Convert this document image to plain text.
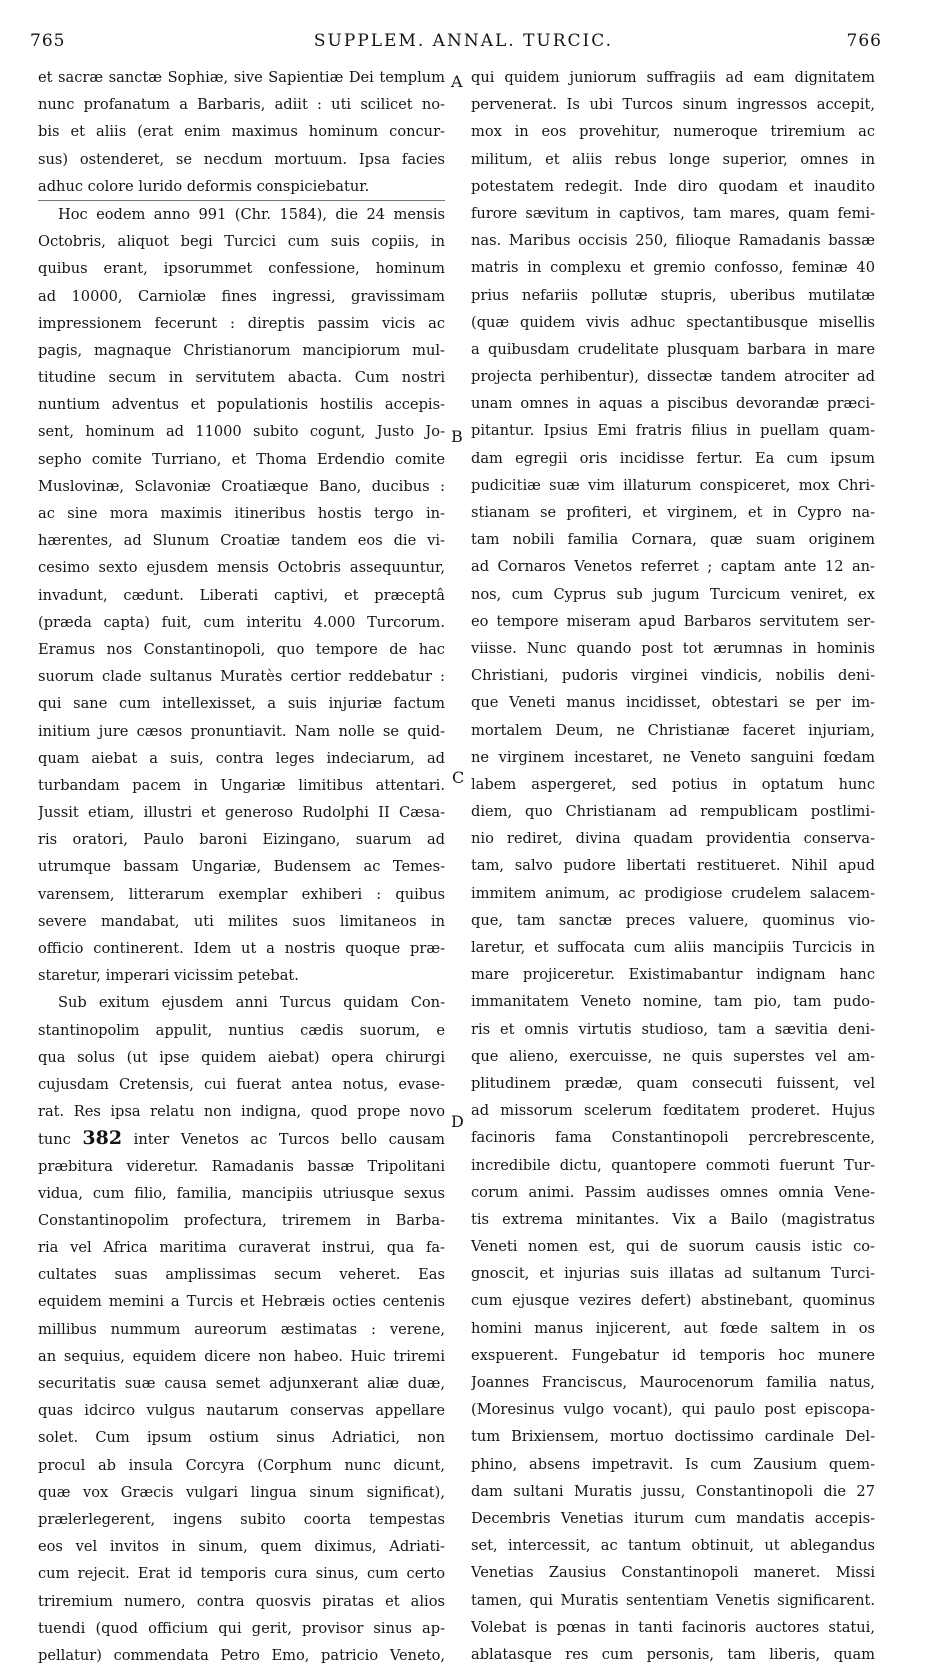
765	SUPPLEM. ANNAL. TURCIC.	766
et sacræ sanctæ Sophiæ, sive Sapientiæ Dei templum
nunc profanatum a Barbaris, adiit : uti scilicet no-
bis et aliis (erat enim maximus hominum concur-
sus) ostenderet, se necdum mortuum. Ipsa facies
adhuc colore lurido deformis conspiciebatur.
Hoc eodem anno 991 (Chr. 1584), die 24 mensis
Octobris, aliquot begi Turcici cum suis copiis, in
quibus erant, ipsorummet confessione, hominum
ad 10000, Carniolæ fines ingressi, gravissimam
impressionem fecerunt : direptis passim vicis ac
pagis, magnaque Christianorum mancipiorum mul-
titudine secum in servitutem abacta. Cum nostri
nuntium adventus et populationis hostilis accepis-
sent, hominum ad 11000 subito cogunt, Justo Jo-
sepho comite Turriano, et Thoma Erdendio comite
Muslovinæ, Sclavoniæ Croatiæque Bano, ducibus :
ac sine mora maximis itineribus hostis tergo in-
hærentes, ad Slunum Croatiæ tandem eos die vi-
cesimo sexto ejusdem mensis Octobris assequuntur,
invadunt, cædunt. Liberati captivi, et præceptâ
(præda capta) fuit, cum interitu 4.000 Turcorum.
Eramus nos Constantinopoli, quo tempore de hac
suorum clade sultanus Muratès certior reddebatur :
qui sane cum intellexisset, a suis injuriæ factum
initium jure cæsos pronuntiavit. Nam nolle se quid-
quam aiebat a suis, contra leges indeciarum, ad
turbandam pacem in Ungariæ limitibus attentari.
Jussit etiam, illustri et generoso Rudolphi II Cæsa-
ris oratori, Paulo baroni Eizingano, suarum ad
utrumque bassam Ungariæ, Budensem ac Temes-
varensem, litterarum exemplar exhiberi : quibus
severe mandabat, uti milites suos limitaneos in
officio continerent. Idem ut a nostris quoque præ-
staretur, imperari vicissim petebat.
Sub exitum ejusdem anni Turcus quidam Con-
stantinopolim appulit, nuntius cædis suorum, e
qua solus (ut ipse quidem aiebat) opera chirurgi
cujusdam Cretensis, cui fuerat antea notus, evase-
rat. Res ipsa relatu non indigna, quod prope novo
tunc 382 inter Venetos ac Turcos bello causam
præbitura videretur. Ramadanis bassæ Tripolitani
vidua, cum filio, familia, mancipiis utriusque sexus
Constantinopolim profectura, triremem in Barba-
ria vel Africa maritima curaverat instrui, qua fa-
cultates suas amplissimas secum veheret. Eas
equidem memini a Turcis et Hebræis octies centenis
millibus nummum aureorum æstimatas : verene,
an sequius, equidem dicere non habeo. Huic triremi
securitatis suæ causa semet adjunxerant aliæ duæ,
quas idcirco vulgus nautarum conservas appellare
solet. Cum ipsum ostium sinus Adriatici, non
procul ab insula Corcyra (Corphum nunc dicunt,
quæ vox Græcis vulgari lingua sinum significat),
prælerlegerent, ingens subito coorta tempestas
eos vel invitos in sinum, quem diximus, Adriati-
cum rejecit. Erat id temporis cura sinus, cum certo
triremium numero, contra quosvis piratas et alios
tuendi (quod officium qui gerit, provisor sinus ap-
pellatur) commendata Petro Emo, patricio Veneto,
qui quidem juniorum suffragiis ad eam dignitatem
pervenerat. Is ubi Turcos sinum ingressos accepit,
mox in eos provehitur, numeroque triremium ac
militum, et aliis rebus longe superior, omnes in
potestatem redegit. Inde diro quodam et inaudito
furore sævitum in captivos, tam mares, quam femi-
nas. Maribus occisis 250, filioque Ramadanis bassæ
matris in complexu et gremio confosso, feminæ 40
prius nefariis pollutæ stupris, uberibus mutilatæ
(quæ quidem vivis adhuc spectantibusque misellis
a quibusdam crudelitate plusquam barbara in mare
projecta perhibentur), dissectæ tandem atrociter ad
unam omnes in aquas a piscibus devorandæ præci-
pitantur. Ipsius Emi fratris filius in puellam quam-
dam egregii oris incidisse fertur. Ea cum ipsum
pudicitiæ suæ vim illaturum conspiceret, mox Chri-
stianam se profiteri, et virginem, et in Cypro na-
tam nobili familia Cornara, quæ suam originem
ad Cornaros Venetos referret ; captam ante 12 an-
nos, cum Cyprus sub jugum Turcicum veniret, ex
eo tempore miseram apud Barbaros servitutem ser-
viisse. Nunc quando post tot ærumnas in hominis
Christiani, pudoris virginei vindicis, nobilis deni-
que Veneti manus incidisset, obtestari se per im-
mortalem Deum, ne Christianæ faceret injuriam,
ne virginem incestaret, ne Veneto sanguini fœdam
labem aspergeret, sed potius in optatum hunc
diem, quo Christianam ad rempublicam postlimi-
nio rediret, divina quadam providentia conserva-
tam, salvo pudore libertati restitueret. Nihil apud
immitem animum, ac prodigiose crudelem salacem-
que, tam sanctæ preces valuere, quominus vio-
laretur, et suffocata cum aliis mancipiis Turcicis in
mare projiceretur. Existimabantur indignam hanc
immanitatem Veneto nomine, tam pio, tam pudo-
ris et omnis virtutis studioso, tam a sævitia deni-
que alieno, exercuisse, ne quis superstes vel am-
plitudinem prædæ, quam consecuti fuissent, vel
ad missorum scelerum fœditatem proderet. Hujus
facinoris fama Constantinopoli percrebrescente,
incredibile dictu, quantopere commoti fuerunt Tur-
corum animi. Passim audisses omnes omnia Vene-
tis extrema minitantes. Vix a Bailo (magistratus
Veneti nomen est, qui de suorum causis istic co-
gnoscit, et injurias suis illatas ad sultanum Turci-
cum ejusque vezires defert) abstinebant, quominus
homini manus injicerent, aut fœde saltem in os
exspuerent. Fungebatur id temporis hoc munere
Joannes Franciscus, Maurocenorum familia natus,
(Moresinus vulgo vocant), qui paulo post episcopa-
tum Brixiensem, mortuo doctissimo cardinale Del-
phino, absens impetravit. Is cum Zausium quem-
dam sultani Muratis jussu, Constantinopoli die 27
Decembris Venetias iturum cum mandatis accepis-
set, intercessit, ac tantum obtinuit, ut ablegandus
Venetias Zausius Constantinopoli maneret. Missi
tamen, qui Muratis sententiam Venetis significarent.
Volebat is pœnas in tanti facinoris auctores statui,
ablatasque res cum personis, tam liberis, quam
A
B
C
D
